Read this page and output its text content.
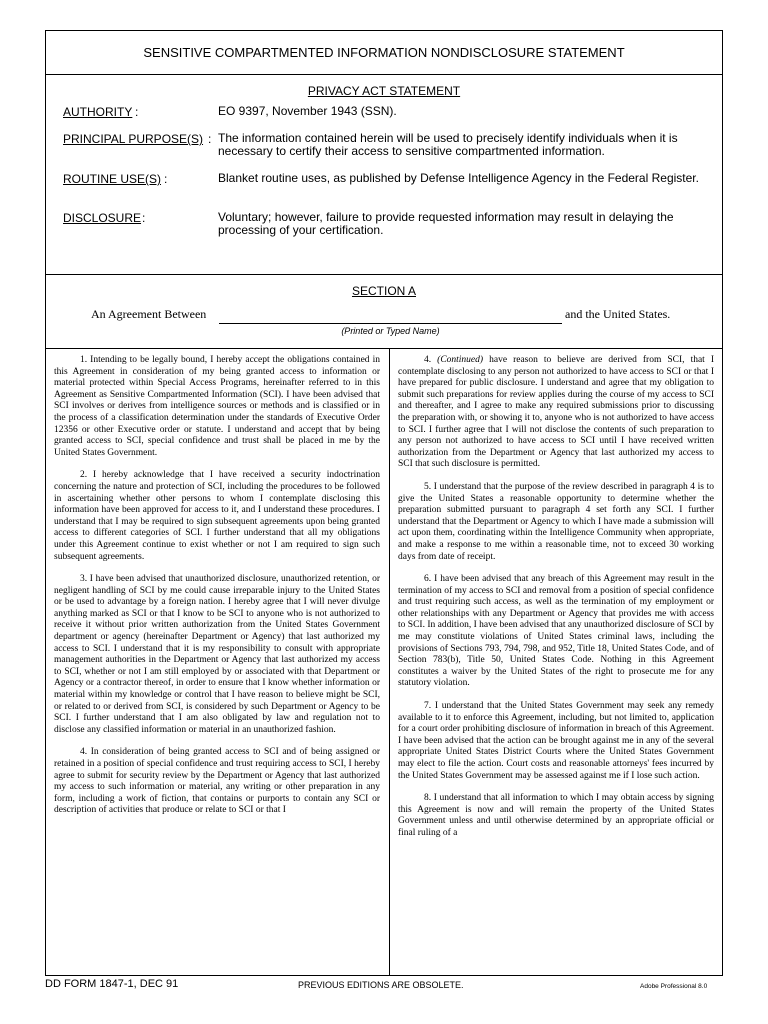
SENSITIVE COMPARTMENTED INFORMATION NONDISCLOSURE STATEMENT
PRIVACY ACT STATEMENT
AUTHORITY :	EO 9397, November 1943 (SSN).
PRINCIPAL PURPOSE(S) : The information contained herein will be used to precisely identify individuals when it is necessary to certify their access to sensitive compartmented information.
ROUTINE USE(S) :	Blanket routine uses, as published by Defense Intelligence Agency in the Federal Register.
DISCLOSURE :	Voluntary; however, failure to provide requested information may result in delaying the processing of your certification.
SECTION A
An Agreement Between	and the United States.
(Printed or Typed Name)

1. Intending to be legally bound, I hereby accept the obligations contained in this Agreement in consideration of my being granted access to information or material protected within Special Access Programs, hereinafter referred to in this Agreement as Sensitive Compartmented Information (SCI). I have been advised that SCI involves or derives from intelligence sources or methods and is classified or in the process of a classification determination under the standards of Executive Order 12356 or other Executive order or statute. I understand and accept that by being granted access to SCI, special confidence and trust shall be placed in me by the United States Government.

2. I hereby acknowledge that I have received a security indoctrination concerning the nature and protection of SCI, including the procedures to be followed in ascertaining whether other persons to whom I contemplate disclosing this information have been approved for access to it, and I understand these procedures. I understand that I may be required to sign subsequent agreements upon being granted access to different categories of SCI. I further understand that all my obligations under this Agreement continue to exist whether or not I am required to sign such subsequent agreements.

3. I have been advised that unauthorized disclosure, unauthorized retention, or negligent handling of SCI by me could cause irreparable injury to the United States or be used to advantage by a foreign nation. I hereby agree that I will never divulge anything marked as SCI or that I know to be SCI to anyone who is not authorized to receive it without prior written authorization from the United States Government department or agency (hereinafter Department or Agency) that last authorized my access to SCI. I understand that it is my responsibility to consult with appropriate management authorities in the Department or Agency that last authorized my access to SCI, whether or not I am still employed by or associated with that Department or Agency or a contractor thereof, in order to ensure that I know whether information or material within my knowledge or control that I have reason to believe might be SCI, or related to or derived from SCI, is considered by such Department or Agency to be SCI. I further understand that I am also obligated by law and regulation not to disclose any classified information or material in an unauthorized fashion.

4. In consideration of being granted access to SCI and of being assigned or retained in a position of special confidence and trust requiring access to SCI, I hereby agree to submit for security review by the Department or Agency that last authorized my access to such information or material, any writing or other preparation in any form, including a work of fiction, that contains or purports to contain any SCI or description of activities that produce or relate to SCI or that I

4. (Continued) have reason to believe are derived from SCI, that I contemplate disclosing to any person not authorized to have access to SCI or that I have prepared for public disclosure. I understand and agree that my obligation to submit such preparations for review applies during the course of my access to SCI and thereafter, and I agree to make any required submissions prior to discussing the preparation with, or showing it to, anyone who is not authorized to have access to SCI. I further agree that I will not disclose the contents of such preparation to any person not authorized to have access to SCI until I have received written authorization from the Department or Agency that last authorized my access to SCI that such disclosure is permitted.

5. I understand that the purpose of the review described in paragraph 4 is to give the United States a reasonable opportunity to determine whether the preparation submitted pursuant to paragraph 4 set forth any SCI. I further understand that the Department or Agency to which I have made a submission will act upon them, coordinating within the Intelligence Community when appropriate, and make a response to me within a reasonable time, not to exceed 30 working days from date of receipt.

6. I have been advised that any breach of this Agreement may result in the termination of my access to SCI and removal from a position of special confidence and trust requiring such access, as well as the termination of my employment or other relationships with any Department or Agency that provides me with access to SCI. In addition, I have been advised that any unauthorized disclosure of SCI by me may constitute violations of United States criminal laws, including the provisions of Sections 793, 794, 798, and 952, Title 18, United States Code, and of Section 783(b), Title 50, United States Code. Nothing in this Agreement constitutes a waiver by the United States of the right to prosecute me for any statutory violation.

7. I understand that the United States Government may seek any remedy available to it to enforce this Agreement, including, but not limited to, application for a court order prohibiting disclosure of information in breach of this Agreement. I have been advised that the action can be brought against me in any of the several appropriate United States District Courts where the United States Government may elect to file the action. Court costs and reasonable attorneys' fees incurred by the United States Government may be assessed against me if I lose such action.

8. I understand that all information to which I may obtain access by signing this Agreement is now and will remain the property of the United States Government unless and until otherwise determined by an appropriate official or final ruling of a

DD FORM 1847-1, DEC 91	PREVIOUS EDITIONS ARE OBSOLETE.	Adobe Professional 8.0
